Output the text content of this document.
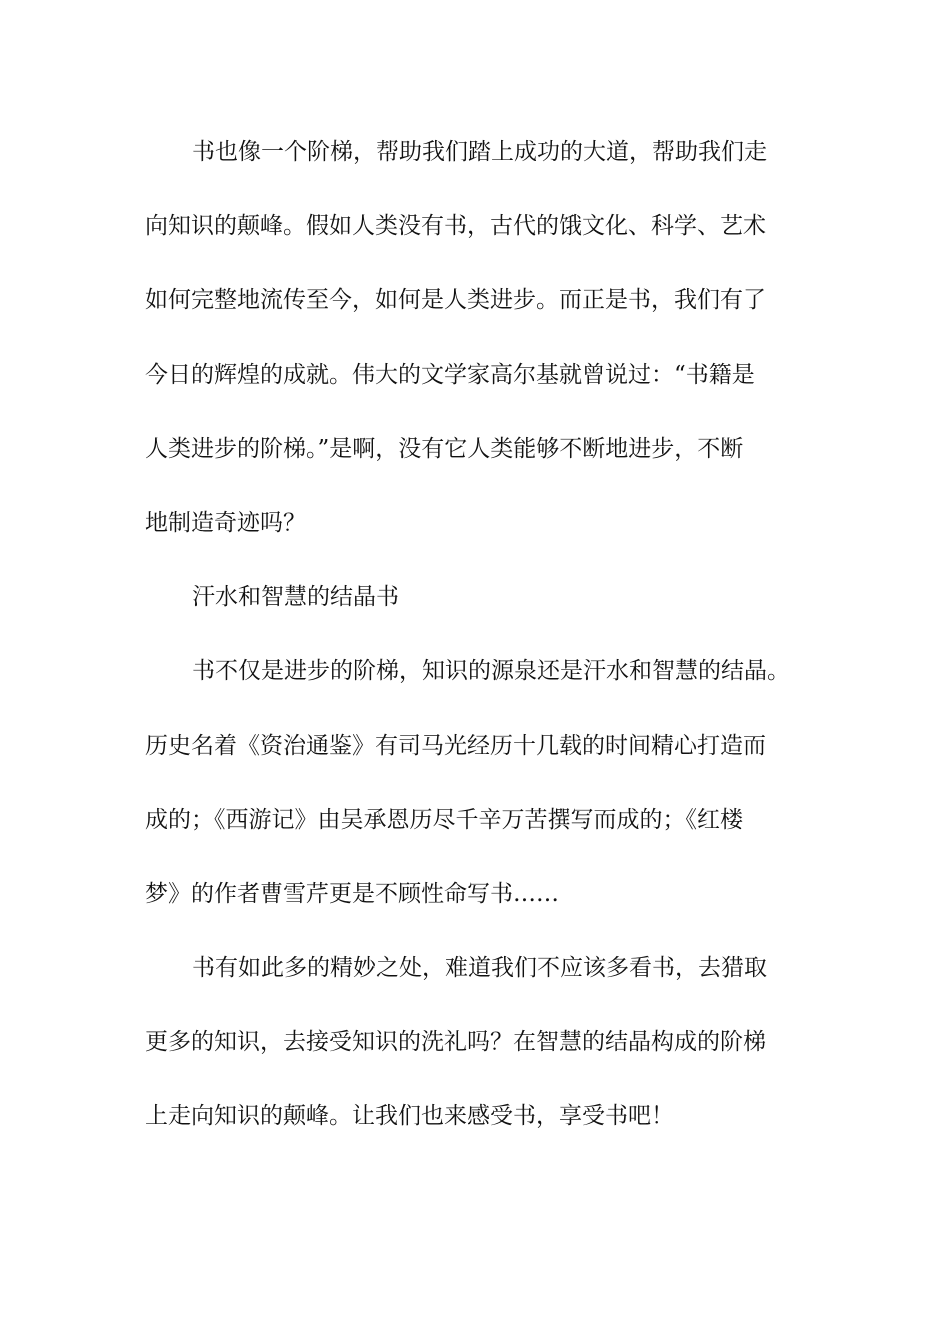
书也像一个阶梯，帮助我们踏上成功的大道，帮助我们走
向知识的颠峰。假如人类没有书，古代的饿文化、科学、艺术
如何完整地流传至今，如何是人类进步。而正是书，我们有了
今日的辉煌的成就。伟大的文学家高尔基就曾说过：“书籍是
人类进步的阶梯。”是啊，没有它人类能够不断地进步，不断
地制造奇迹吗？
汗水和智慧的结晶书
书不仅是进步的阶梯，知识的源泉还是汗水和智慧的结晶。
历史名着《资治通鉴》有司马光经历十几载的时间精心打造而
成的；《西游记》由吴承恩历尽千辛万苦撰写而成的；《红楼
梦》的作者曹雪芹更是不顾性命写书……
书有如此多的精妙之处，难道我们不应该多看书，去猎取
更多的知识，去接受知识的洗礼吗？在智慧的结晶构成的阶梯
上走向知识的颠峰。让我们也来感受书，享受书吧！
